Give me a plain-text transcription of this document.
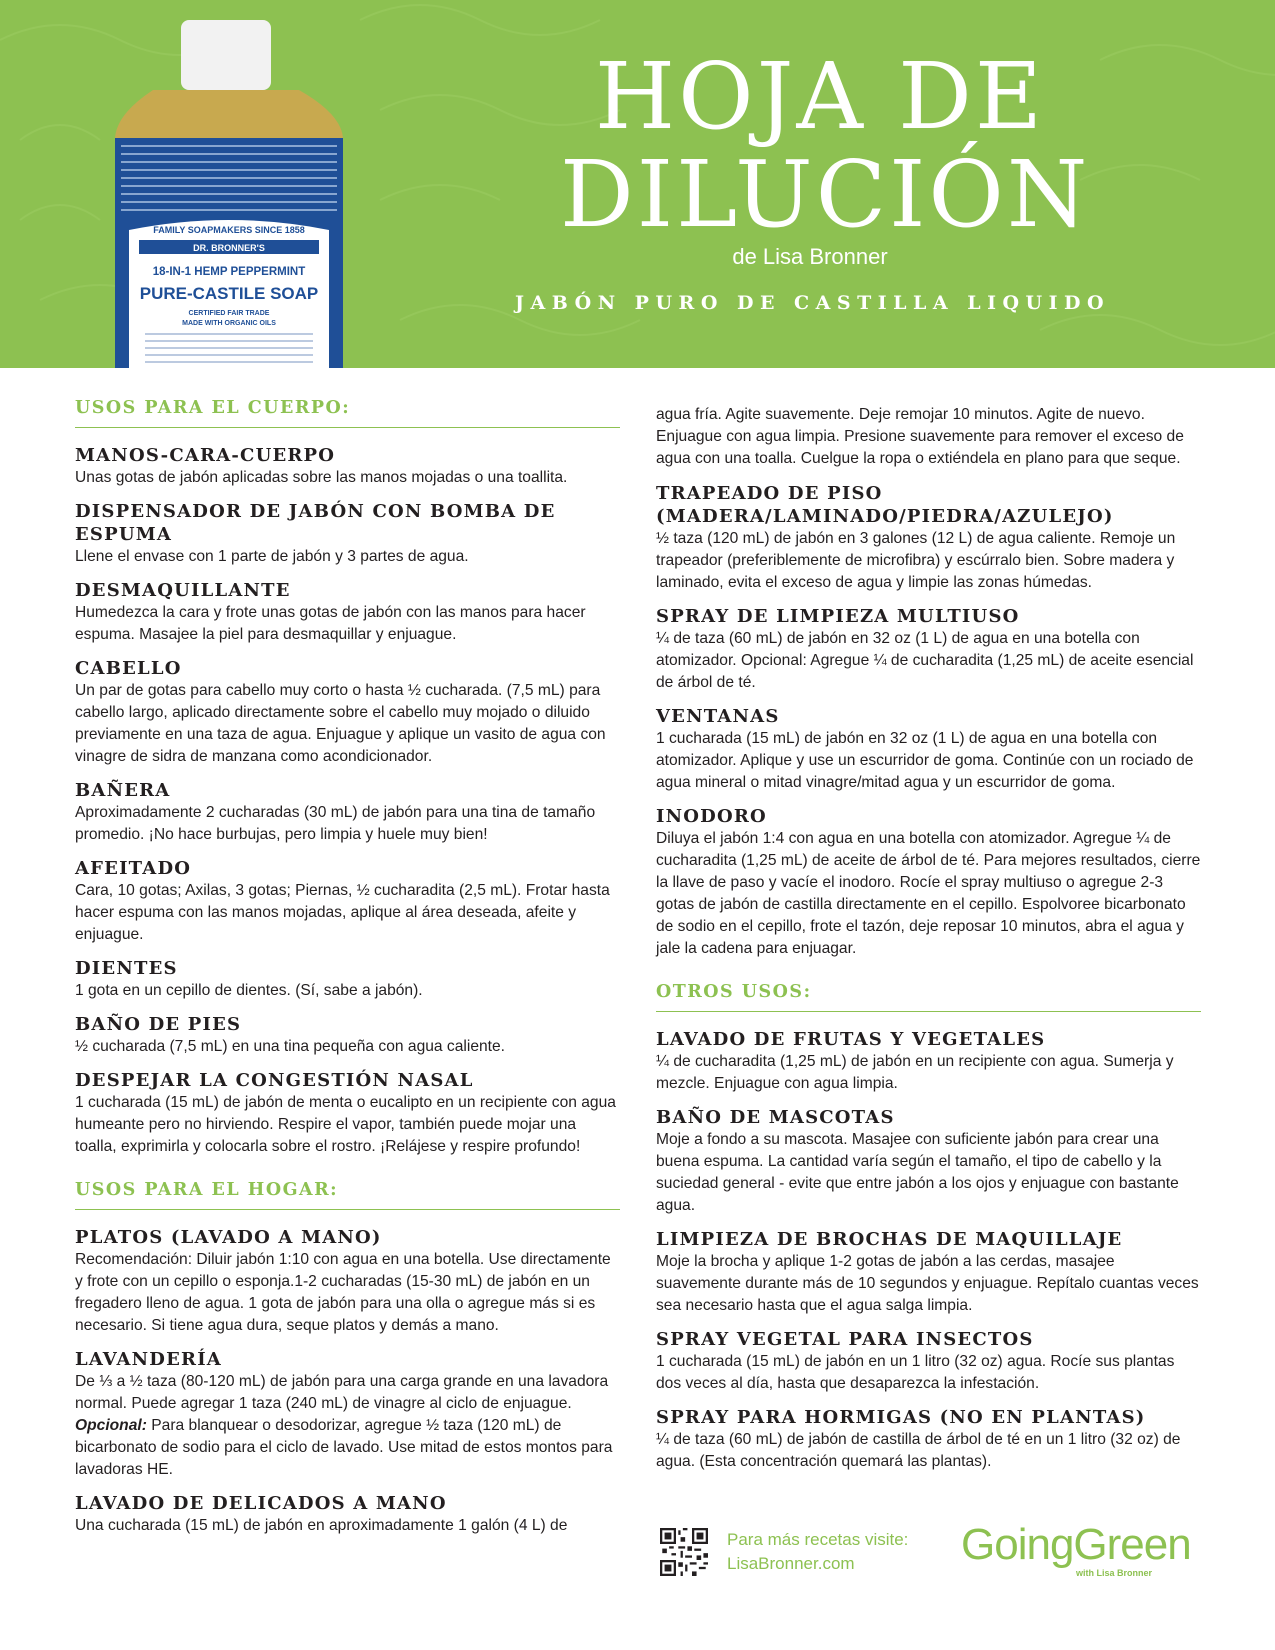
FAMILY SOAPMAKERS SINCE 1858
DR. BRONNER'S
18-IN-1 HEMP PEPPERMINT
PURE-CASTILE SOAP
CERTIFIED FAIR TRADE
MADE WITH ORGANIC OILS
HOJA DE
DILUCIÓN
de Lisa Bronner
JABÓN PURO DE CASTILLA LIQUIDO
USOS PARA EL CUERPO:
MANOS-CARA-CUERPO
Unas gotas de jabón aplicadas sobre las manos mojadas o una toallita.
DISPENSADOR DE JABÓN CON BOMBA DE ESPUMA
Llene el envase con 1 parte de jabón y 3 partes de agua.
DESMAQUILLANTE
Humedezca la cara y frote unas gotas de jabón con las manos para hacer espuma. Masajee la piel para desmaquillar y enjuague.
CABELLO
Un par de gotas para cabello muy corto o hasta ½ cucharada. (7,5 mL) para cabello largo, aplicado directamente sobre el cabello muy mojado o diluido previamente en una taza de agua. Enjuague y aplique un vasito de agua con vinagre de sidra de manzana como acondicionador.
BAÑERA
Aproximadamente 2 cucharadas (30 mL) de jabón para una tina de tamaño promedio. ¡No hace burbujas, pero limpia y huele muy bien!
AFEITADO
Cara, 10 gotas; Axilas, 3 gotas; Piernas, ½ cucharadita (2,5 mL). Frotar hasta hacer espuma con las manos mojadas, aplique al área deseada, afeite y enjuague.
DIENTES
1 gota en un cepillo de dientes. (Sí, sabe a jabón).
BAÑO DE PIES
½ cucharada (7,5 mL) en una tina pequeña con agua caliente.
DESPEJAR LA CONGESTIÓN NASAL
1 cucharada (15 mL) de jabón de menta o eucalipto en un recipiente con agua humeante pero no hirviendo. Respire el vapor, también puede mojar una toalla, exprimirla y colocarla sobre el rostro. ¡Relájese y respire profundo!
USOS PARA EL HOGAR:
PLATOS (LAVADO A MANO)
Recomendación: Diluir jabón 1:10 con agua en una botella. Use directamente y frote con un cepillo o esponja.1-2 cucharadas (15-30 mL) de jabón en un fregadero lleno de agua. 1 gota de jabón para una olla o agregue más si es necesario. Si tiene agua dura, seque platos y demás a mano.
LAVANDERÍA
De ⅓ a ½ taza (80-120 mL) de jabón para una carga grande en una lavadora normal. Puede agregar 1 taza (240 mL) de vinagre al ciclo de enjuague.
Opcional: Para blanquear o desodorizar, agregue ½ taza (120 mL) de bicarbonato de sodio para el ciclo de lavado. Use mitad de estos montos para lavadoras HE.
LAVADO DE DELICADOS A MANO
Una cucharada (15 mL) de jabón en aproximadamente 1 galón (4 L) de
agua fría. Agite suavemente. Deje remojar 10 minutos. Agite de nuevo. Enjuague con agua limpia. Presione suavemente para remover el exceso de agua con una toalla. Cuelgue la ropa o extiéndela en plano para que seque.
TRAPEADO DE PISO (MADERA/LAMINADO/PIEDRA/AZULEJO)
½ taza (120 mL) de jabón en 3 galones (12 L) de agua caliente. Remoje un trapeador (preferiblemente de microfibra) y escúrralo bien. Sobre madera y laminado, evita el exceso de agua y limpie las zonas húmedas.
SPRAY DE LIMPIEZA MULTIUSO
¼ de taza (60 mL) de jabón en 32 oz (1 L) de agua en una botella con atomizador. Opcional: Agregue ¼ de cucharadita (1,25 mL) de aceite esencial de árbol de té.
VENTANAS
1 cucharada (15 mL) de jabón en 32 oz (1 L) de agua en una botella con atomizador. Aplique y use un escurridor de goma. Continúe con un rociado de agua mineral o mitad vinagre/mitad agua y un escurridor de goma.
INODORO
Diluya el jabón 1:4 con agua en una botella con atomizador. Agregue ¼ de cucharadita (1,25 mL) de aceite de árbol de té. Para mejores resultados, cierre la llave de paso y vacíe el inodoro. Rocíe el spray multiuso o agregue 2-3 gotas de jabón de castilla directamente en el cepillo. Espolvoree bicarbonato de sodio en el cepillo, frote el tazón, deje reposar 10 minutos, abra el agua y jale la cadena para enjuagar.
OTROS USOS:
LAVADO DE FRUTAS Y VEGETALES
¼ de cucharadita (1,25 mL) de jabón en un recipiente con agua. Sumerja y mezcle. Enjuague con agua limpia.
BAÑO DE MASCOTAS
Moje a fondo a su mascota. Masajee con suficiente jabón para crear una buena espuma. La cantidad varía según el tamaño, el tipo de cabello y la suciedad general - evite que entre jabón a los ojos y enjuague con bastante agua.
LIMPIEZA DE BROCHAS DE MAQUILLAJE
Moje la brocha y aplique 1-2 gotas de jabón a las cerdas, masajee suavemente durante más de 10 segundos y enjuague. Repítalo cuantas veces sea necesario hasta que el agua salga limpia.
SPRAY VEGETAL PARA INSECTOS
1 cucharada (15 mL) de jabón en un 1 litro (32 oz) agua. Rocíe sus plantas dos veces al día, hasta que desaparezca la infestación.
SPRAY PARA HORMIGAS (NO EN PLANTAS)
¼ de taza (60 mL) de jabón de castilla de árbol de té en un 1 litro (32 oz) de agua. (Esta concentración quemará las plantas).
Para más recetas visite:
LisaBronner.com	GoingGreen
with Lisa Bronner
